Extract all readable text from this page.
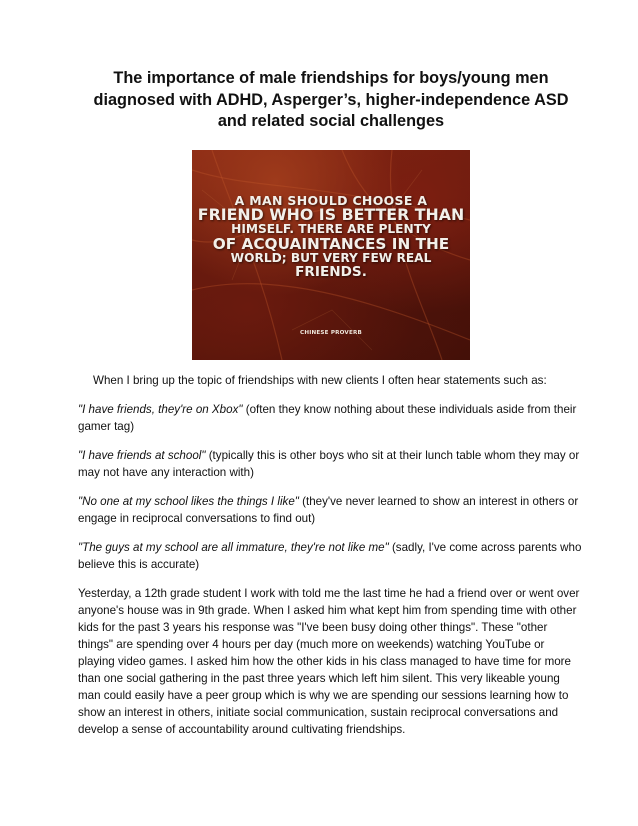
The importance of male friendships for boys/young men
diagnosed with ADHD, Asperger’s, higher-independence ASD
and related social challenges
A MAN SHOULD CHOOSE A
FRIEND WHO IS BETTER THAN
HIMSELF. THERE ARE PLENTY
OF ACQUAINTANCES IN THE
WORLD; BUT VERY FEW REAL
FRIENDS.
CHINESE PROVERB

When I bring up the topic of friendships with new clients I often hear statements such as:

"I have friends, they're on Xbox" (often they know nothing about these individuals aside from their gamer tag)

"I have friends at school" (typically this is other boys who sit at their lunch table whom they may or may not have any interaction with)

"No one at my school likes the things I like" (they've never learned to show an interest in others or engage in reciprocal conversations to find out)

"The guys at my school are all immature, they're not like me" (sadly, I've come across parents who believe this is accurate)

Yesterday, a 12th grade student I work with told me the last time he had a friend over or went over anyone's house was in 9th grade. When I asked him what kept him from spending time with other kids for the past 3 years his response was "I've been busy doing other things". These "other things" are spending over 4 hours per day (much more on weekends) watching YouTube or playing video games. I asked him how the other kids in his class managed to have time for more than one social gathering in the past three years which left him silent. This very likeable young man could easily have a peer group which is why we are spending our sessions learning how to show an interest in others, initiate social communication, sustain reciprocal conversations and develop a sense of accountability around cultivating friendships.
